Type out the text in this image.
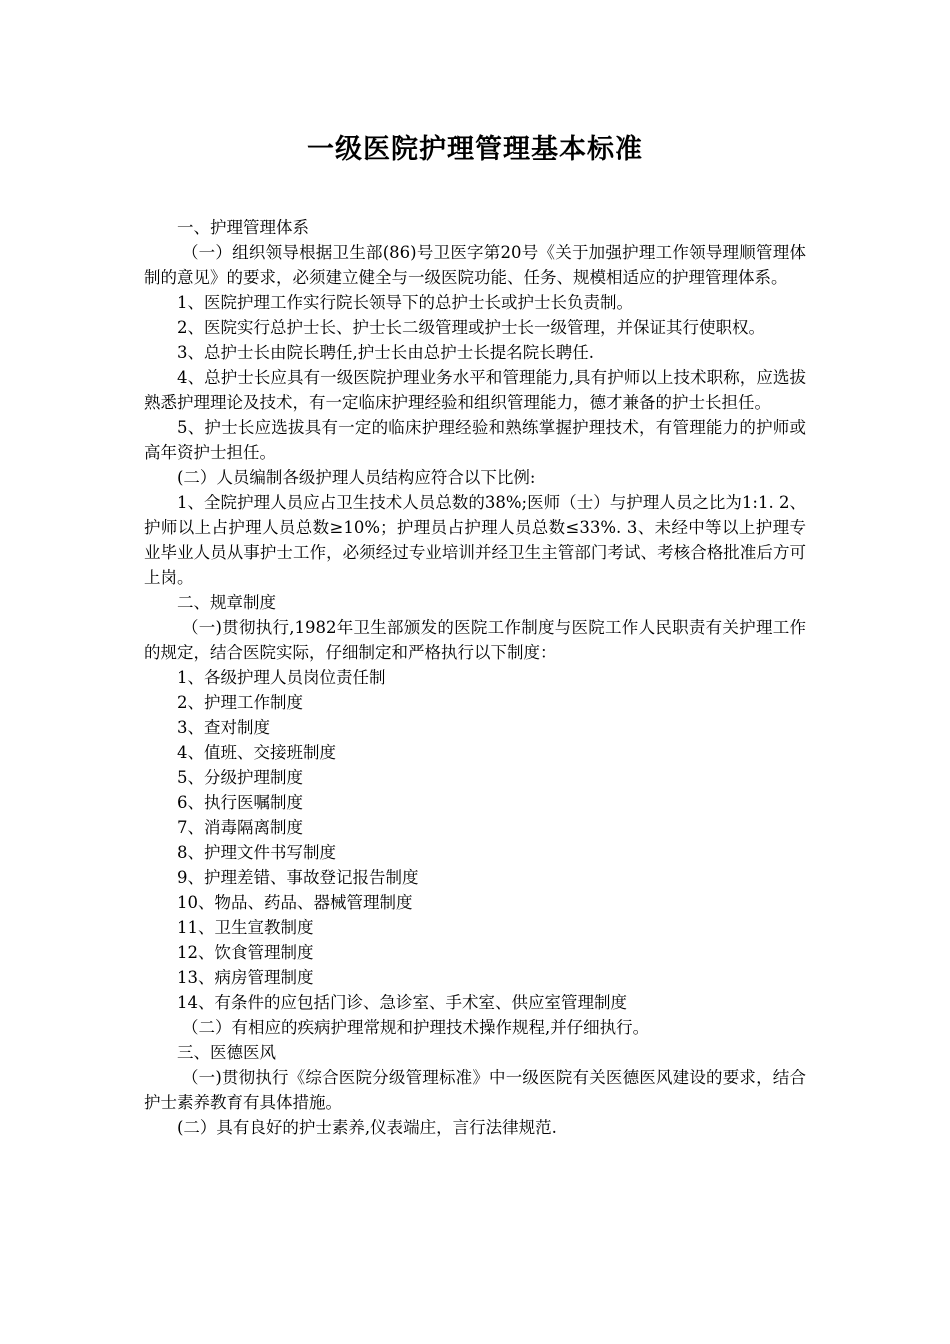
一级医院护理管理基本标准

一、护理管理体系

（一）组织领导根据卫生部(86)号卫医字第20号《关于加强护理工作领导理顺管理体制的意见》的要求，必须建立健全与一级医院功能、任务、规模相适应的护理管理体系。

1、医院护理工作实行院长领导下的总护士长或护士长负责制。

2、医院实行总护士长、护士长二级管理或护士长一级管理，并保证其行使职权。

3、总护士长由院长聘任,护士长由总护士长提名院长聘任.

4、总护士长应具有一级医院护理业务水平和管理能力,具有护师以上技术职称，应选拔熟悉护理理论及技术，有一定临床护理经验和组织管理能力，德才兼备的护士长担任。

5、护士长应选拔具有一定的临床护理经验和熟练掌握护理技术，有管理能力的护师或高年资护士担任。

(二）人员编制各级护理人员结构应符合以下比例:

1、全院护理人员应占卫生技术人员总数的38%;医师（士）与护理人员之比为1:1. 2、护师以上占护理人员总数≥10%；护理员占护理人员总数≤33%. 3、未经中等以上护理专业毕业人员从事护士工作，必须经过专业培训并经卫生主管部门考试、考核合格批准后方可上岗。

二、规章制度

（一)贯彻执行,1982年卫生部颁发的医院工作制度与医院工作人民职责有关护理工作的规定，结合医院实际，仔细制定和严格执行以下制度：

1、各级护理人员岗位责任制

2、护理工作制度

3、查对制度

4、值班、交接班制度

5、分级护理制度

6、执行医嘱制度

7、消毒隔离制度

8、护理文件书写制度

9、护理差错、事故登记报告制度

10、物品、药品、器械管理制度

11、卫生宣教制度

12、饮食管理制度

13、病房管理制度

14、有条件的应包括门诊、急诊室、手术室、供应室管理制度

（二）有相应的疾病护理常规和护理技术操作规程,并仔细执行。

三、医德医风

（一)贯彻执行《综合医院分级管理标准》中一级医院有关医德医风建设的要求，结合护士素养教育有具体措施。

(二）具有良好的护士素养,仪表端庄，言行法律规范.
